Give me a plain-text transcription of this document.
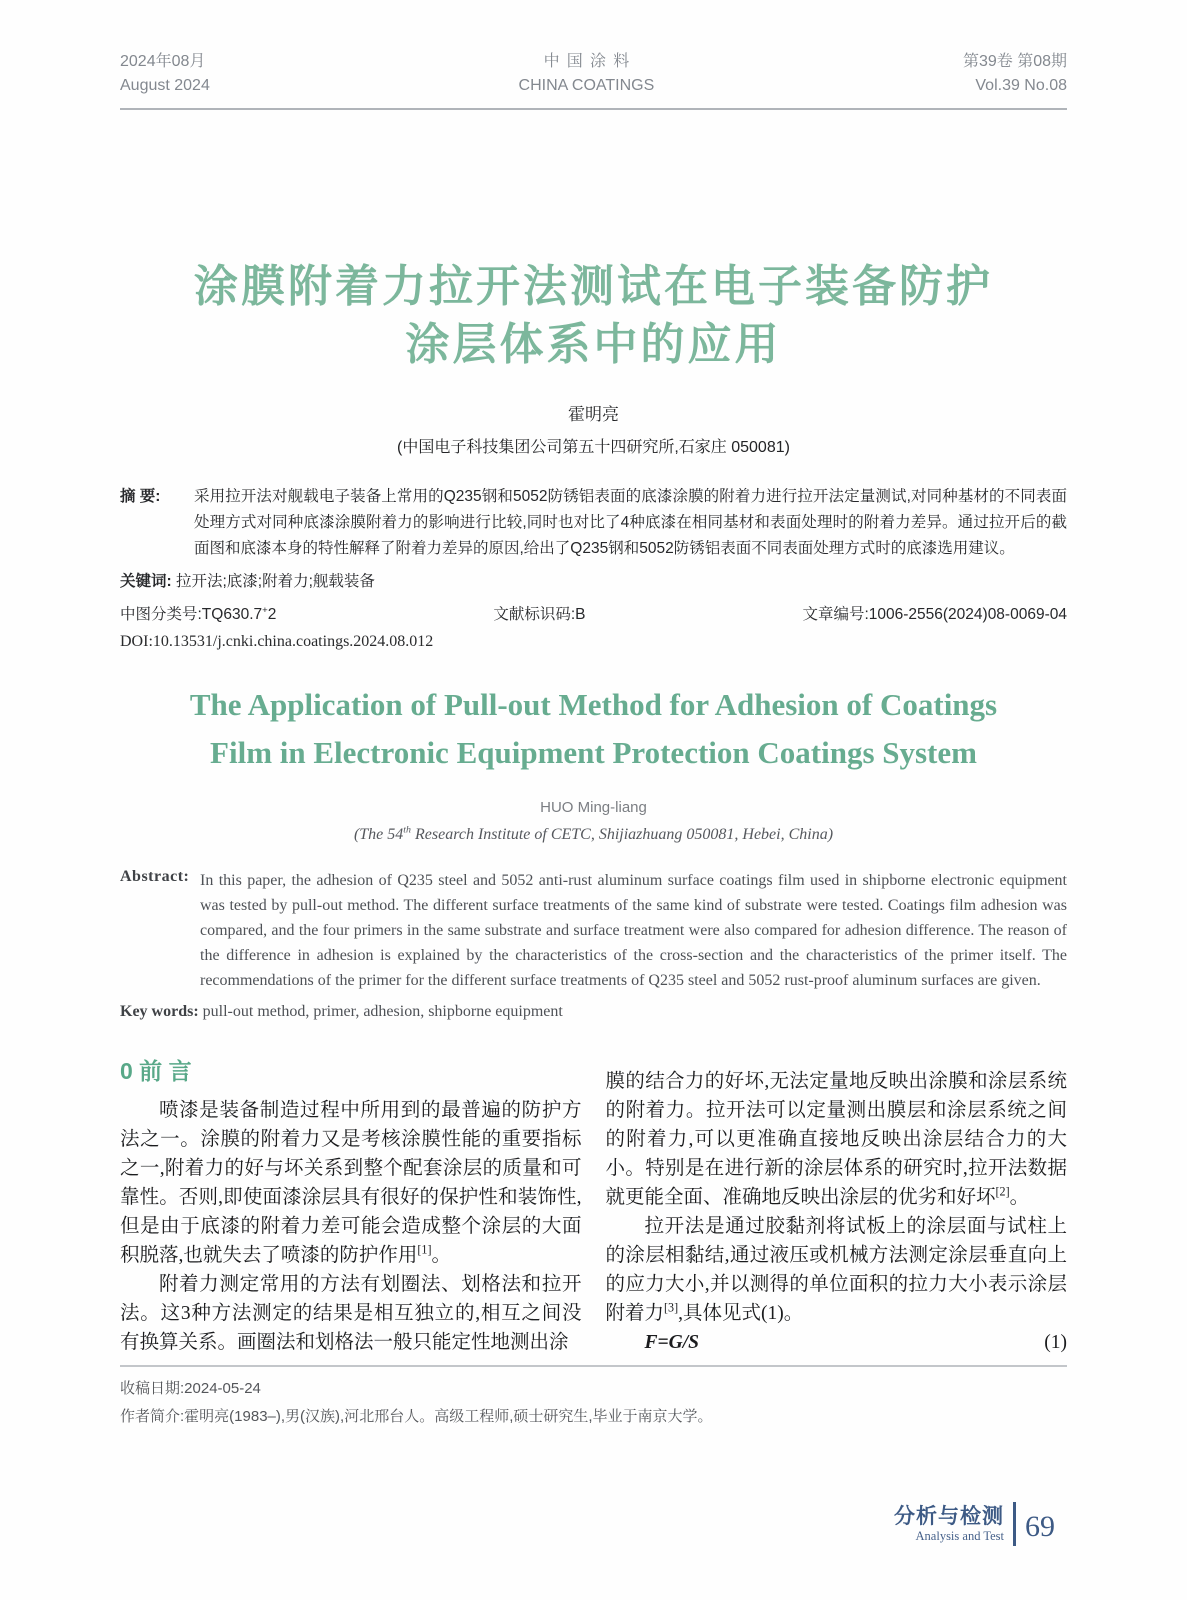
2024年08月
August 2024
中国涂料
CHINA COATINGS
第39卷 第08期
Vol.39 No.08
涂膜附着力拉开法测试在电子装备防护
涂层体系中的应用
霍明亮
(中国电子科技集团公司第五十四研究所,石家庄 050081)
摘 要:	采用拉开法对舰载电子装备上常用的Q235钢和5052防锈铝表面的底漆涂膜的附着力进行拉开法定量测试,对同种基材的不同表面处理方式对同种底漆涂膜附着力的影响进行比较,同时也对比了4种底漆在相同基材和表面处理时的附着力差异。通过拉开后的截面图和底漆本身的特性解释了附着力差异的原因,给出了Q235钢和5052防锈铝表面不同表面处理方式时的底漆选用建议。
关键词: 拉开法;底漆;附着力;舰载装备
中图分类号:TQ630.7+2	文献标识码:B	文章编号:1006-2556(2024)08-0069-04
DOI:10.13531/j.cnki.china.coatings.2024.08.012
The Application of Pull-out Method for Adhesion of Coatings
Film in Electronic Equipment Protection Coatings System
HUO Ming-liang
(The 54th Research Institute of CETC, Shijiazhuang 050081, Hebei, China)
Abstract: In this paper, the adhesion of Q235 steel and 5052 anti-rust aluminum surface coatings film used in shipborne electronic equipment was tested by pull-out method. The different surface treatments of the same kind of substrate were tested. Coatings film adhesion was compared, and the four primers in the same substrate and surface treatment were also compared for adhesion difference. The reason of the difference in adhesion is explained by the characteristics of the cross-section and the characteristics of the primer itself. The recommendations of the primer for the different surface treatments of Q235 steel and 5052 rust-proof aluminum surfaces are given.
Key words: pull-out method, primer, adhesion, shipborne equipment
0 前 言

喷漆是装备制造过程中所用到的最普遍的防护方法之一。涂膜的附着力又是考核涂膜性能的重要指标之一,附着力的好与坏关系到整个配套涂层的质量和可靠性。否则,即使面漆涂层具有很好的保护性和装饰性,但是由于底漆的附着力差可能会造成整个涂层的大面积脱落,也就失去了喷漆的防护作用[1]。

附着力测定常用的方法有划圈法、划格法和拉开法。这3种方法测定的结果是相互独立的,相互之间没有换算关系。画圈法和划格法一般只能定性地测出涂

膜的结合力的好坏,无法定量地反映出涂膜和涂层系统的附着力。拉开法可以定量测出膜层和涂层系统之间的附着力,可以更准确直接地反映出涂层结合力的大小。特别是在进行新的涂层体系的研究时,拉开法数据就更能全面、准确地反映出涂层的优劣和好坏[2]。

拉开法是通过胶黏剂将试板上的涂层面与试柱上的涂层相黏结,通过液压或机械方法测定涂层垂直向上的应力大小,并以测得的单位面积的拉力大小表示涂层附着力[3],具体见式(1)。

F=G/S	(1)
收稿日期:2024-05-24
作者简介:霍明亮(1983–),男(汉族),河北邢台人。高级工程师,硕士研究生,毕业于南京大学。
分析与检测
Analysis and Test 69
